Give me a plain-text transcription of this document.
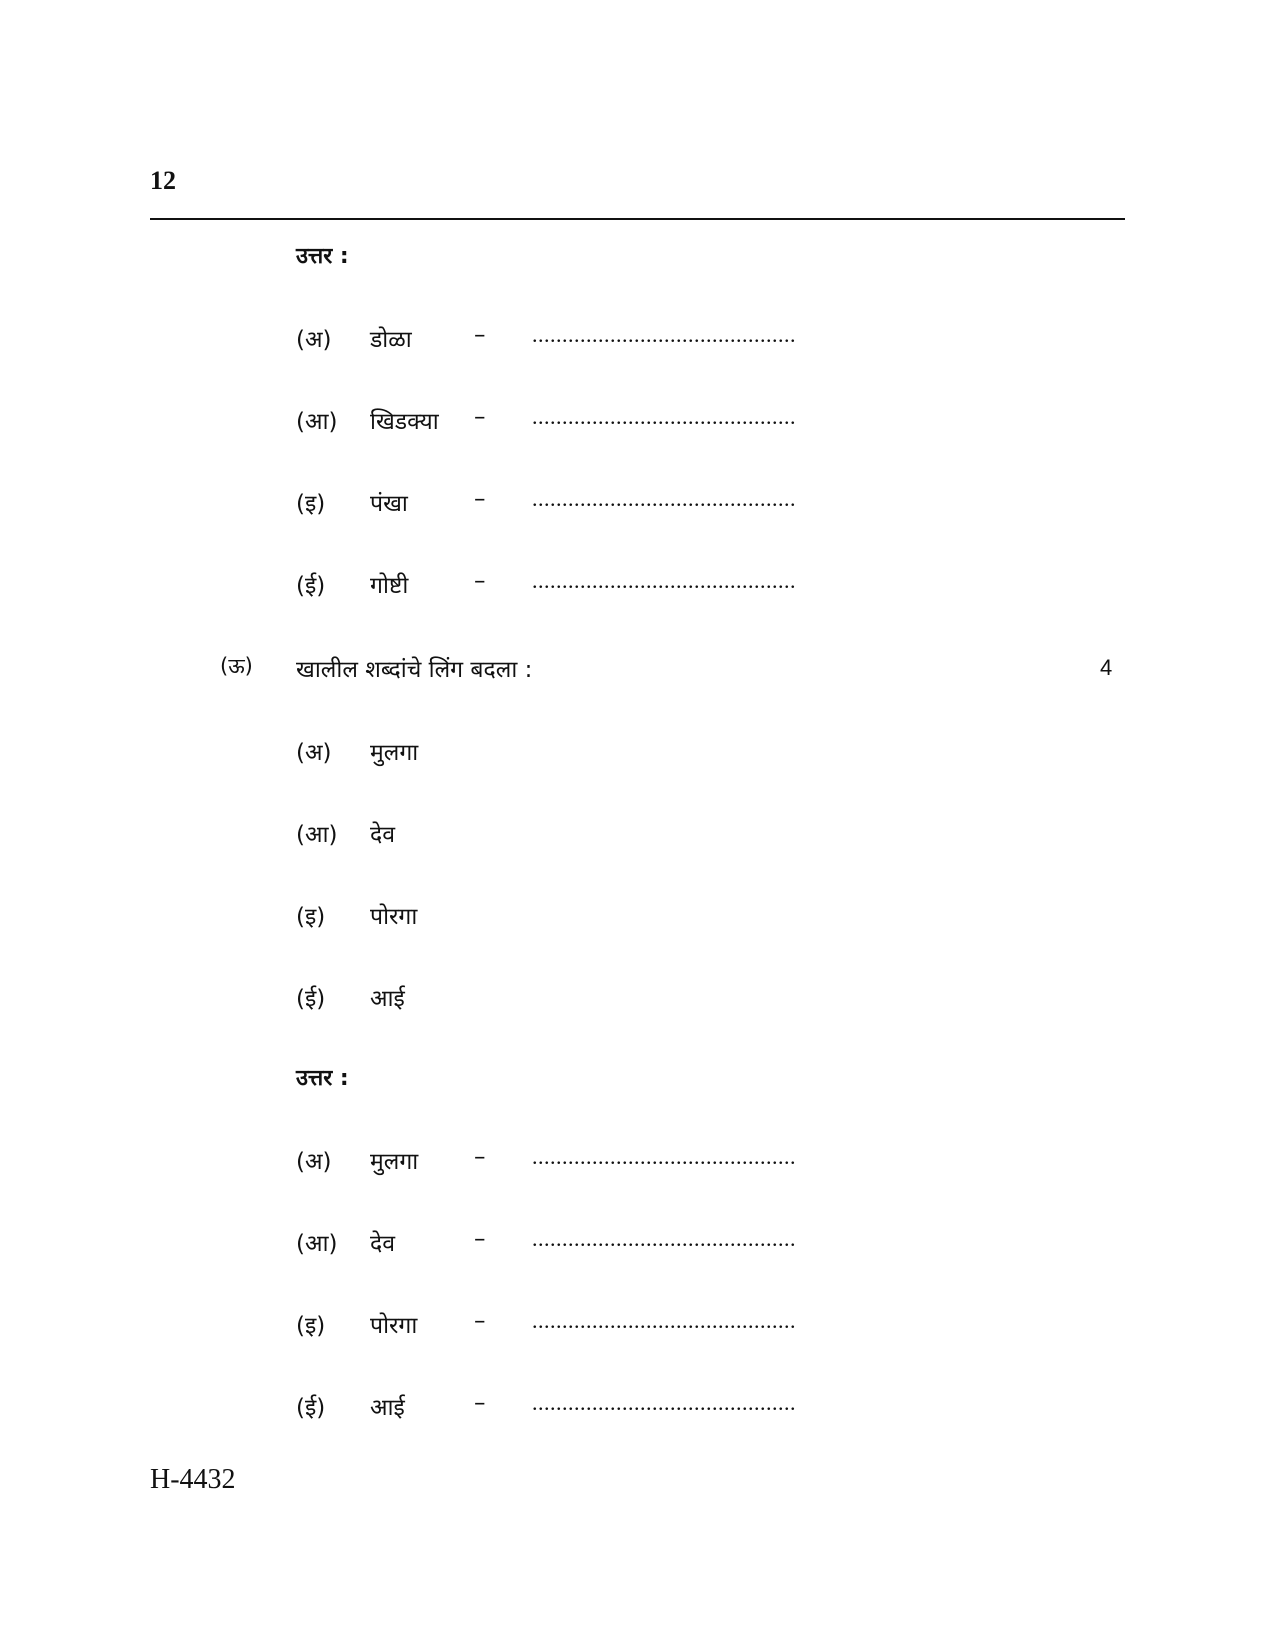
12
उत्तर :
(अ) डोळा	– ............................................
(आ) खिडक्या – ............................................
(इ) पंखा	– ............................................
(ई) गोष्टी	– ............................................
(ऊ) खालील शब्दांचे लिंग बदला :	4
(अ) मुलगा
(आ) देव
(इ) पोरगा
(ई) आई
उत्तर :
(अ) मुलगा – ............................................
(आ) देव	– ............................................
(इ) पोरगा – ............................................
(ई) आई	– ............................................
H-4432
